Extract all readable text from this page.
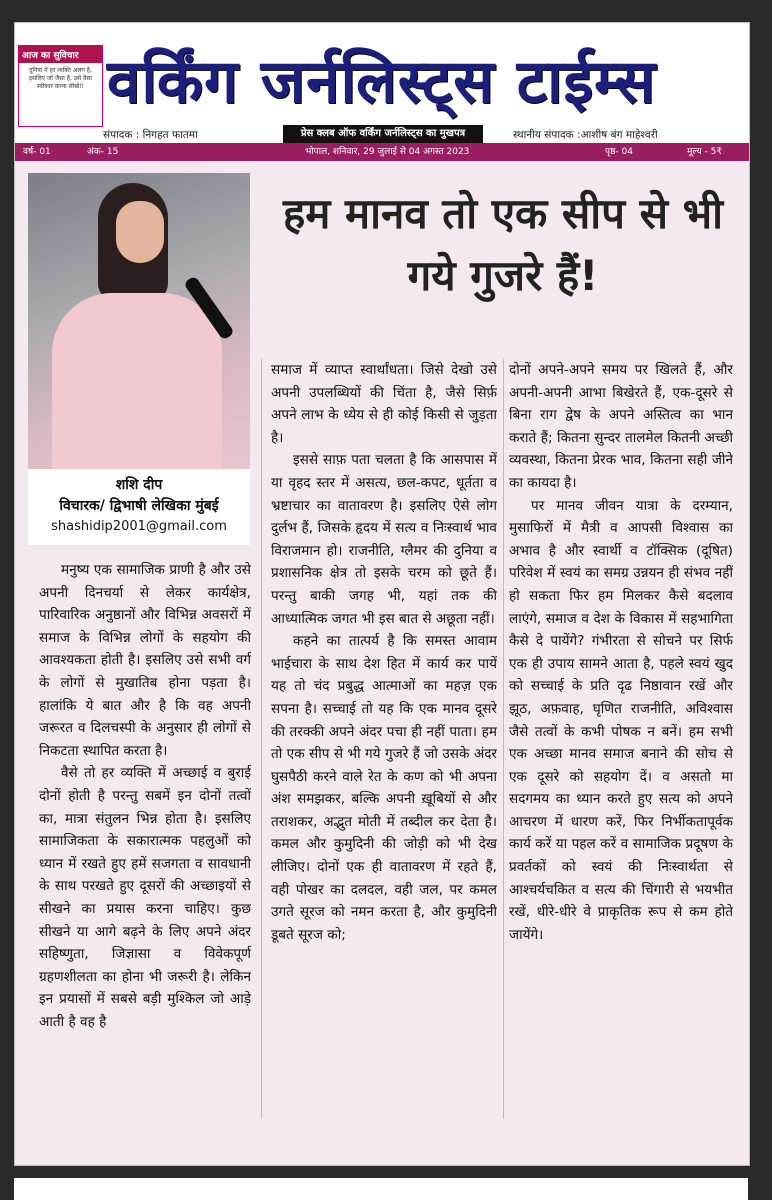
आज का सुविचार
दुनिया में हर व्यक्ति अलग है, इसलिए जो जैसा है, उसे वैसा स्वीकार करना सीखें!! वर्किंग जर्नलिस्ट्स टाईम्स
संपादक : निगहत फातमा	प्रेस क्लब ऑफ वर्किंग जर्नलिस्ट्स का मुखपत्र	स्थानीय संपादक :आशीष बंग माहेश्वरी
वर्ष- 01	अंक- 15	भोपाल, शनिवार, 29 जुलाई से 04 अगस्त 2023	पृष्ठ- 04	मूल्य - 5₹
शशि दीप
विचारक/ द्विभाषी लेखिका मुंबई
shashidip2001@gmail.com
हम मानव तो एक सीप से भी गये गुजरे हैं!

मनुष्य एक सामाजिक प्राणी है और उसे अपनी दिनचर्या से लेकर कार्यक्षेत्र, पारिवारिक अनुष्ठानों और विभिन्न अवसरों में समाज के विभिन्न लोगों के सहयोग की आवश्यकता होती है। इसलिए उसे सभी वर्ग के लोगों से मुखातिब होना पड़ता है। हालांकि ये बात और है कि वह अपनी जरूरत व दिलचस्पी के अनुसार ही लोगों से निकटता स्थापित करता है।

वैसे तो हर व्यक्ति में अच्छाई व बुराई दोनों होती है परन्तु सबमें इन दोनों तत्वों का, मात्रा संतुलन भिन्न होता है। इसलिए सामाजिकता के सकारात्मक पहलुओं को ध्यान में रखते हुए हमें सजगता व सावधानी के साथ परखते हुए दूसरों की अच्छाइयों से सीखने का प्रयास करना चाहिए। कुछ सीखने या आगे बढ़ने के लिए अपने अंदर सहिष्णुता, जिज्ञासा व विवेकपूर्ण ग्रहणशीलता का होना भी जरूरी है। लेकिन इन प्रयासों में सबसे बड़ी मुश्किल जो आड़े आती है वह है

समाज में व्याप्त स्वार्थांधता। जिसे देखो उसे अपनी उपलब्धियों की चिंता है, जैसे सिर्फ़ अपने लाभ के ध्येय से ही कोई किसी से जुड़ता है।

इससे साफ़ पता चलता है कि आसपास में या वृहद स्तर में असत्य, छल-कपट, धूर्तता व भ्रष्टाचार का वातावरण है। इसलिए ऐसे लोग दुर्लभ हैं, जिसके हृदय में सत्य व निःस्वार्थ भाव विराजमान हो। राजनीति, ग्लैमर की दुनिया व प्रशासनिक क्षेत्र तो इसके चरम को छूते हैं। परन्तु बाकी जगह भी, यहां तक की आध्यात्मिक जगत भी इस बात से अछूता नहीं।

कहने का तात्पर्य है कि समस्त आवाम भाईचारा के साथ देश हित में कार्य कर पायें यह तो चंद प्रबुद्ध आत्माओं का महज़ एक सपना है। सच्चाई तो यह कि एक मानव दूसरे की तरक्की अपने अंदर पचा ही नहीं पाता। हम तो एक सीप से भी गये गुजरे हैं जो उसके अंदर घुसपैठी करने वाले रेत के कण को भी अपना अंश समझकर, बल्कि अपनी ख़ूबियों से और तराशकर, अद्भुत मोती में तब्दील कर देता है। कमल और कुमुदिनी की जोड़ी को भी देख लीजिए। दोनों एक ही वातावरण में रहते हैं, वही पोखर का दलदल, वही जल, पर कमल उगते सूरज को नमन करता है, और कुमुदिनी डूबते सूरज को;

दोनों अपने-अपने समय पर खिलते हैं, और अपनी-अपनी आभा बिखेरते हैं, एक-दूसरे से बिना राग द्वेष के अपने अस्तित्व का भान कराते हैं; कितना सुन्दर तालमेल कितनी अच्छी व्यवस्था, कितना प्रेरक भाव, कितना सही जीने का कायदा है।

पर मानव जीवन यात्रा के दरम्यान, मुसाफिरों में मैत्री व आपसी विश्वास का अभाव है और स्वार्थी व टॉक्सिक (दूषित) परिवेश में स्वयं का समग्र उन्नयन ही संभव नहीं हो सकता फिर हम मिलकर कैसे बदलाव लाएंगे, समाज व देश के विकास में सहभागिता कैसे दे पायेंगे? गंभीरता से सोचने पर सिर्फ एक ही उपाय सामने आता है, पहले स्वयं खुद को सच्चाई के प्रति दृढ निष्ठावान रखें और झूठ, अफ़वाह, घृणित राजनीति, अविश्वास जैसे तत्वों के कभी पोषक न बनें। हम सभी एक अच्छा मानव समाज बनाने की सोच से एक दूसरे को सहयोग दें। व असतो मा सदगमय का ध्यान करते हुए सत्य को अपने आचरण में धारण करें, फिर निर्भीकतापूर्वक कार्य करें या पहल करें व सामाजिक प्रदूषण के प्रवर्तकों को स्वयं की निःस्वार्थता से आश्चर्यचकित व सत्य की चिंगारी से भयभीत रखें, धीरे-धीरे वे प्राकृतिक रूप से कम होते जायेंगे।
